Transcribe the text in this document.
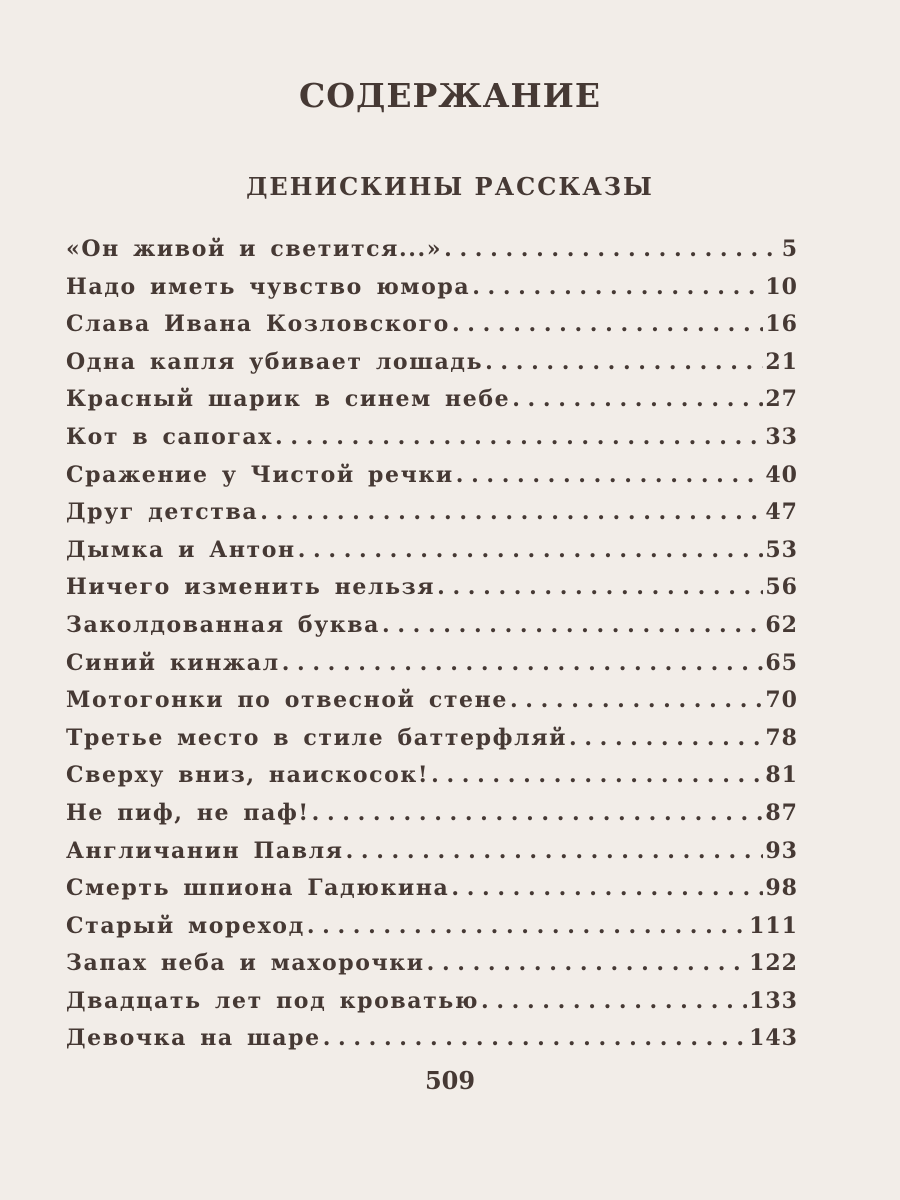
СОДЕРЖАНИЕ
ДЕНИСКИНЫ РАССКАЗЫ
«Он живой и светится...» . . .	5
Надо иметь чувство юмора . . .	10
Слава Ивана Козловского . . .	16
Одна капля убивает лошадь . . .	21
Красный шарик в синем небе . . .	27
Кот в сапогах . . .	33
Сражение у Чистой речки . . .	40
Друг детства . . .	47
Дымка и Антон . . .	53
Ничего изменить нельзя . . .	56
Заколдованная буква . . .	62
Синий кинжал . . .	65
Мотогонки по отвесной стене . . .	70
Третье место в стиле баттерфляй . . .	78
Сверху вниз, наискосок! . . .	81
Не пиф, не паф! . . .	87
Англичанин Павля . . .	93
Смерть шпиона Гадюкина . . .	98
Старый мореход . . .	111
Запах неба и махорочки . . .	122
Двадцать лет под кроватью . . .	133
Девочка на шаре . . .	143
509
